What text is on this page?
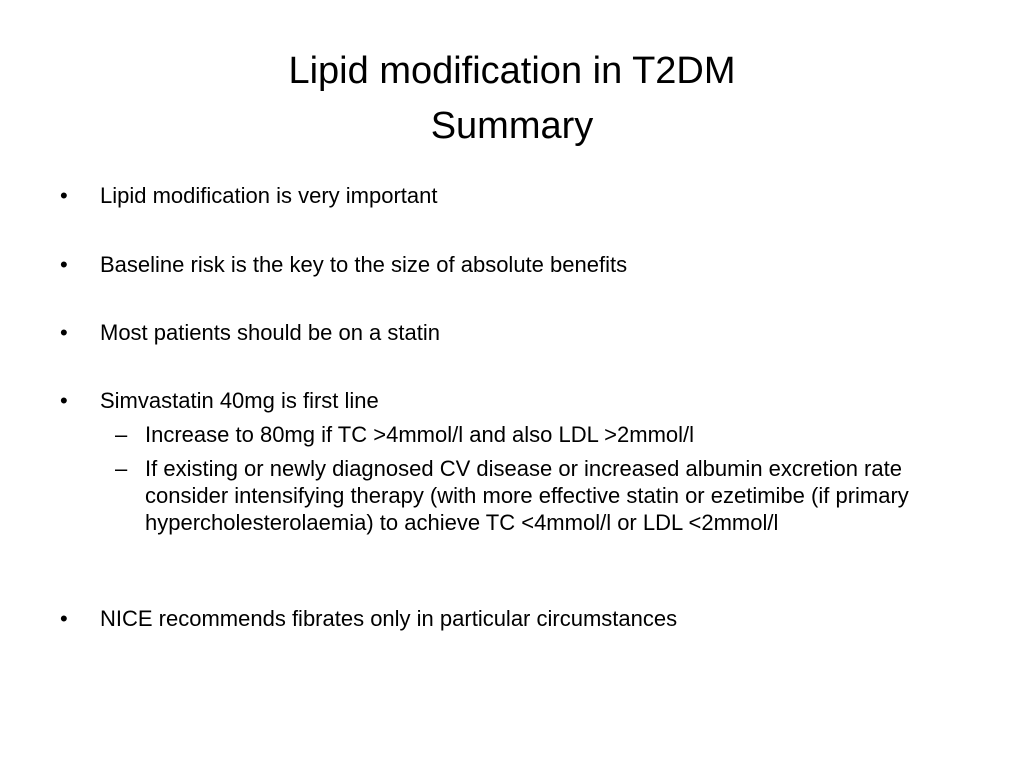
Lipid modification in T2DM
Summary
•	Lipid modification is very important
•	Baseline risk is the key to the size of absolute benefits
•	Most patients should be on a statin
•	Simvastatin 40mg is first line
– Increase to 80mg if TC >4mmol/l and also LDL >2mmol/l
– If existing or newly diagnosed CV disease or increased albumin excretion rate consider intensifying therapy (with more effective statin or ezetimibe (if primary hypercholesterolaemia) to achieve TC <4mmol/l or LDL <2mmol/l
•	NICE recommends fibrates only in particular circumstances
